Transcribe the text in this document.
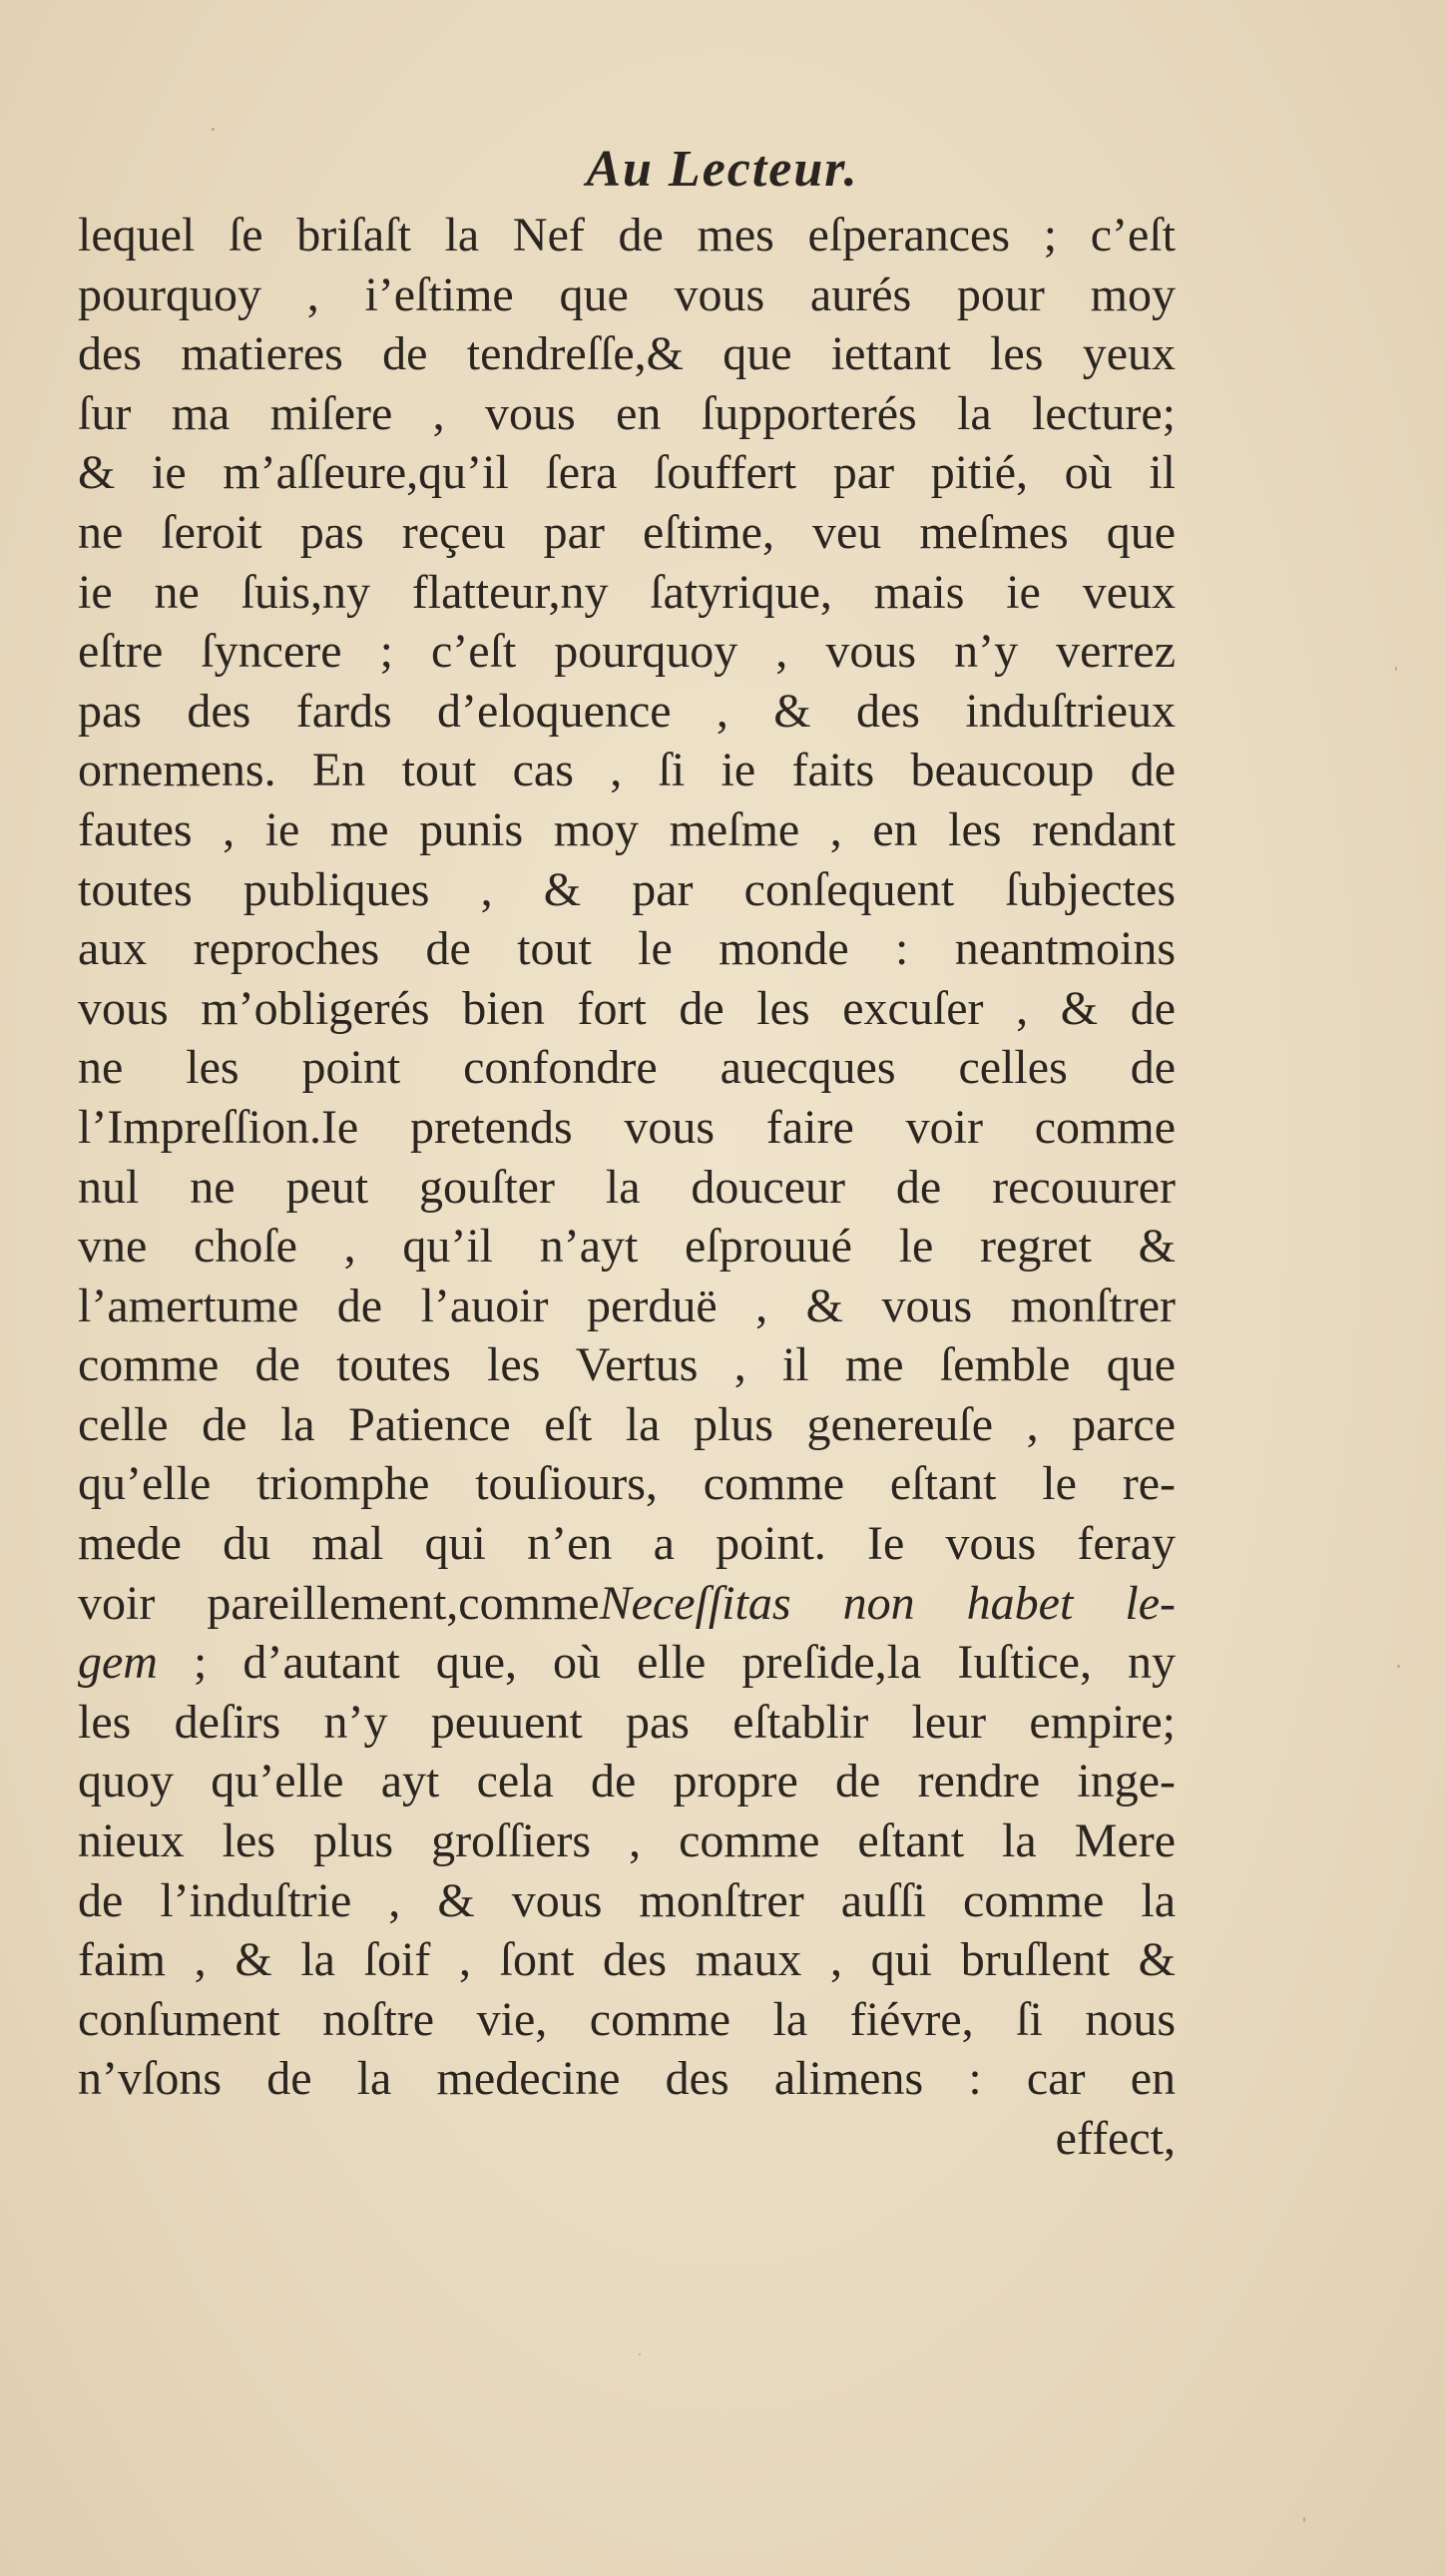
Au Lecteur.
lequel ſe briſaſt la Nef de mes eſperances ; c’eſt
pourquoy , i’eſtime que vous aurés pour moy
des matieres de tendreſſe,& que iettant les yeux
ſur ma miſere , vous en ſupporterés la lecture;
& ie m’aſſeure,qu’il ſera ſouffert par pitié, où il
ne ſeroit pas reçeu par eſtime, veu meſmes que
ie ne ſuis,ny flatteur,ny ſatyrique, mais ie veux
eſtre ſyncere ; c’eſt pourquoy , vous n’y verrez
pas des fards d’eloquence , & des induſtrieux
ornemens. En tout cas , ſi ie faits beaucoup de
fautes , ie me punis moy meſme , en les rendant
toutes publiques , & par conſequent ſubjectes
aux reproches de tout le monde : neantmoins
vous m’obligerés bien fort de les excuſer , & de
ne les point confondre auecques celles de
l’Impreſſion.Ie pretends vous faire voir comme
nul ne peut gouſter la douceur de recouurer
vne choſe , qu’il n’ayt eſprouué le regret &
l’amertume de l’auoir perduë , & vous monſtrer
comme de toutes les Vertus , il me ſemble que
celle de la Patience eſt la plus genereuſe , parce
qu’elle triomphe touſiours, comme eſtant le re-
mede du mal qui n’en a point. Ie vous feray
voir pareillement,commeNeceſſitas non habet le-
gem ; d’autant que, où elle preſide,la Iuſtice, ny
les deſirs n’y peuuent pas eſtablir leur empire;
quoy qu’elle ayt cela de propre de rendre inge-
nieux les plus groſſiers , comme eſtant la Mere
de l’induſtrie , & vous monſtrer auſſi comme la
faim , & la ſoif , ſont des maux , qui bruſlent &
conſument noſtre vie, comme la fiévre, ſi nous
n’vſons de la medecine des alimens : car en
effect,
